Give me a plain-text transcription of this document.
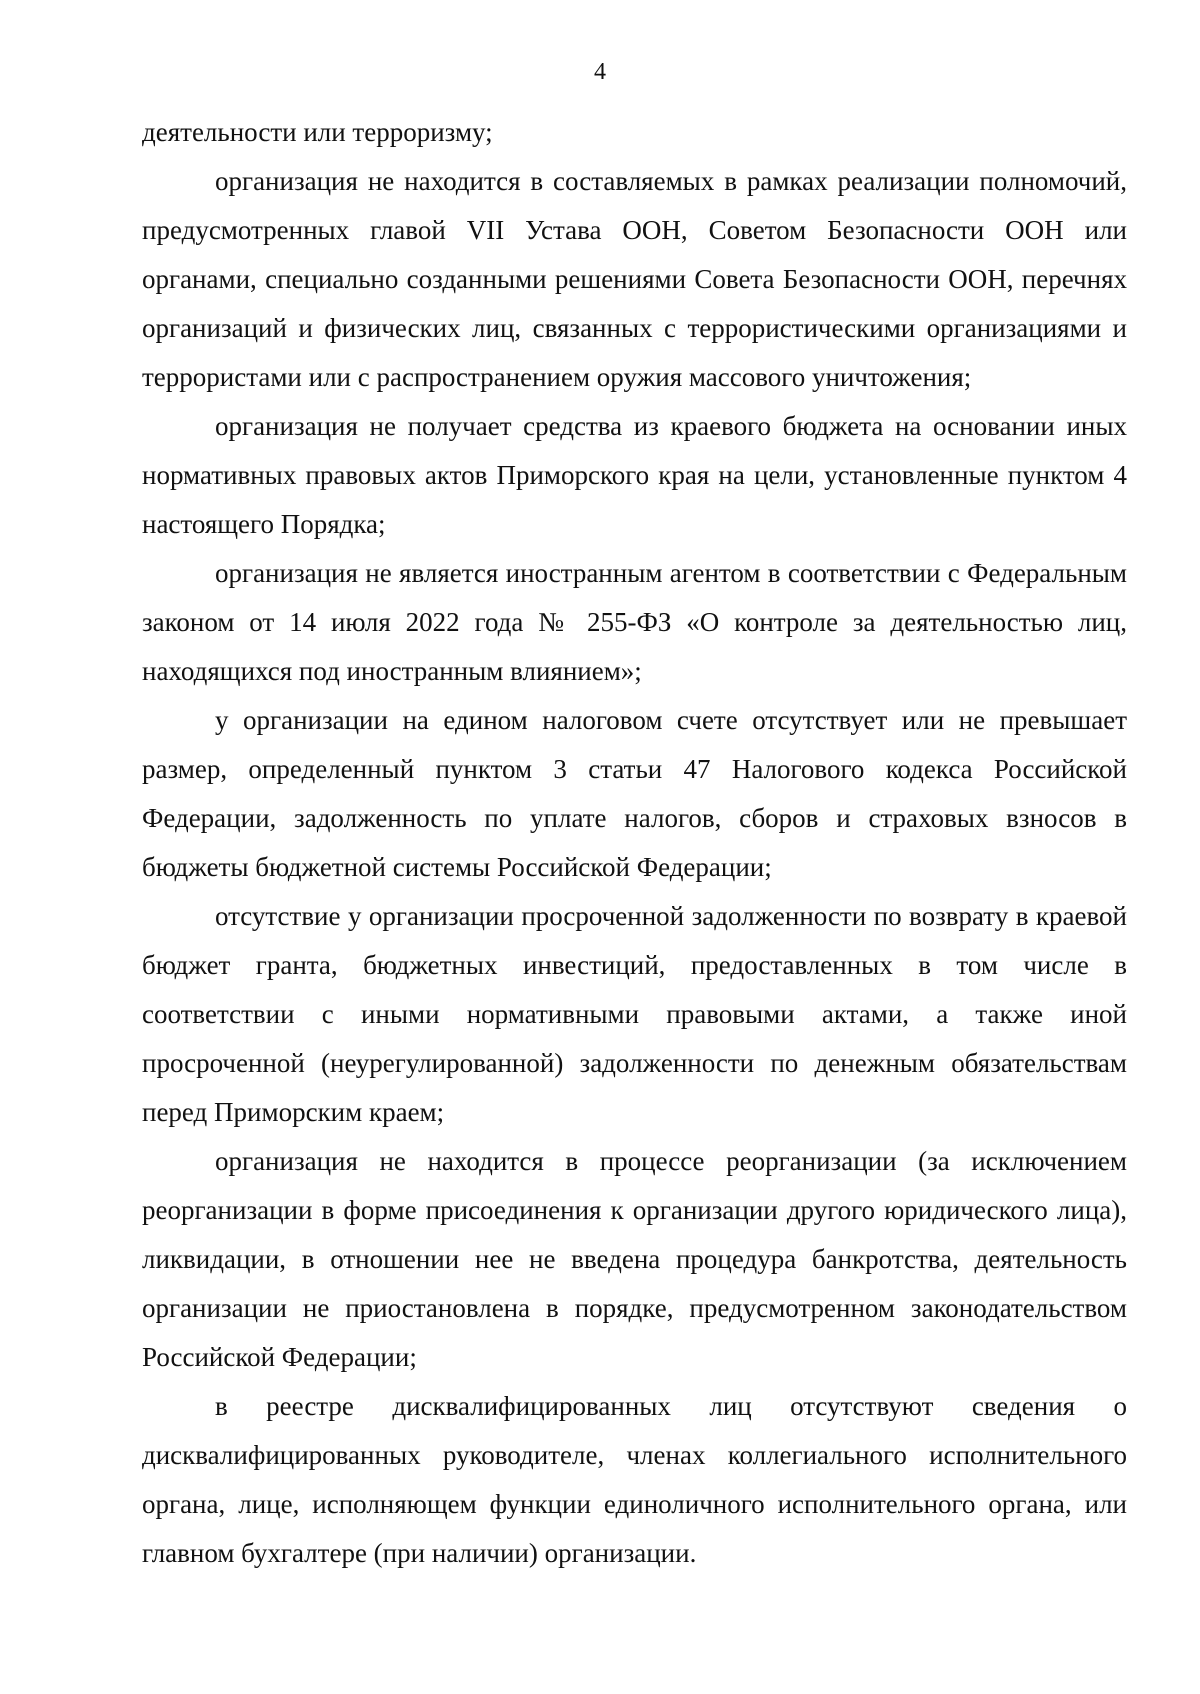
4

деятельности или терроризму;

организация не находится в составляемых в рамках реализации полномочий, предусмотренных главой VII Устава ООН, Советом Безопасности ООН или органами, специально созданными решениями Совета Безопасности ООН, перечнях организаций и физических лиц, связанных с террористическими организациями и террористами или с распространением оружия массового уничтожения;

организация не получает средства из краевого бюджета на основании иных нормативных правовых актов Приморского края на цели, установленные пунктом 4 настоящего Порядка;

организация не является иностранным агентом в соответствии с Федеральным законом от 14 июля 2022 года № 255-ФЗ «О контроле за деятельностью лиц, находящихся под иностранным влиянием»;

у организации на едином налоговом счете отсутствует или не превышает размер, определенный пунктом 3 статьи 47 Налогового кодекса Российской Федерации, задолженность по уплате налогов, сборов и страховых взносов в бюджеты бюджетной системы Российской Федерации;

отсутствие у организации просроченной задолженности по возврату в краевой бюджет гранта, бюджетных инвестиций, предоставленных в том числе в соответствии с иными нормативными правовыми актами, а также иной просроченной (неурегулированной) задолженности по денежным обязательствам перед Приморским краем;

организация не находится в процессе реорганизации (за исключением реорганизации в форме присоединения к организации другого юридического лица), ликвидации, в отношении нее не введена процедура банкротства, деятельность организации не приостановлена в порядке, предусмотренном законодательством Российской Федерации;

в реестре дисквалифицированных лиц отсутствуют сведения о дисквалифицированных руководителе, членах коллегиального исполнительного органа, лице, исполняющем функции единоличного исполнительного органа, или главном бухгалтере (при наличии) организации.
